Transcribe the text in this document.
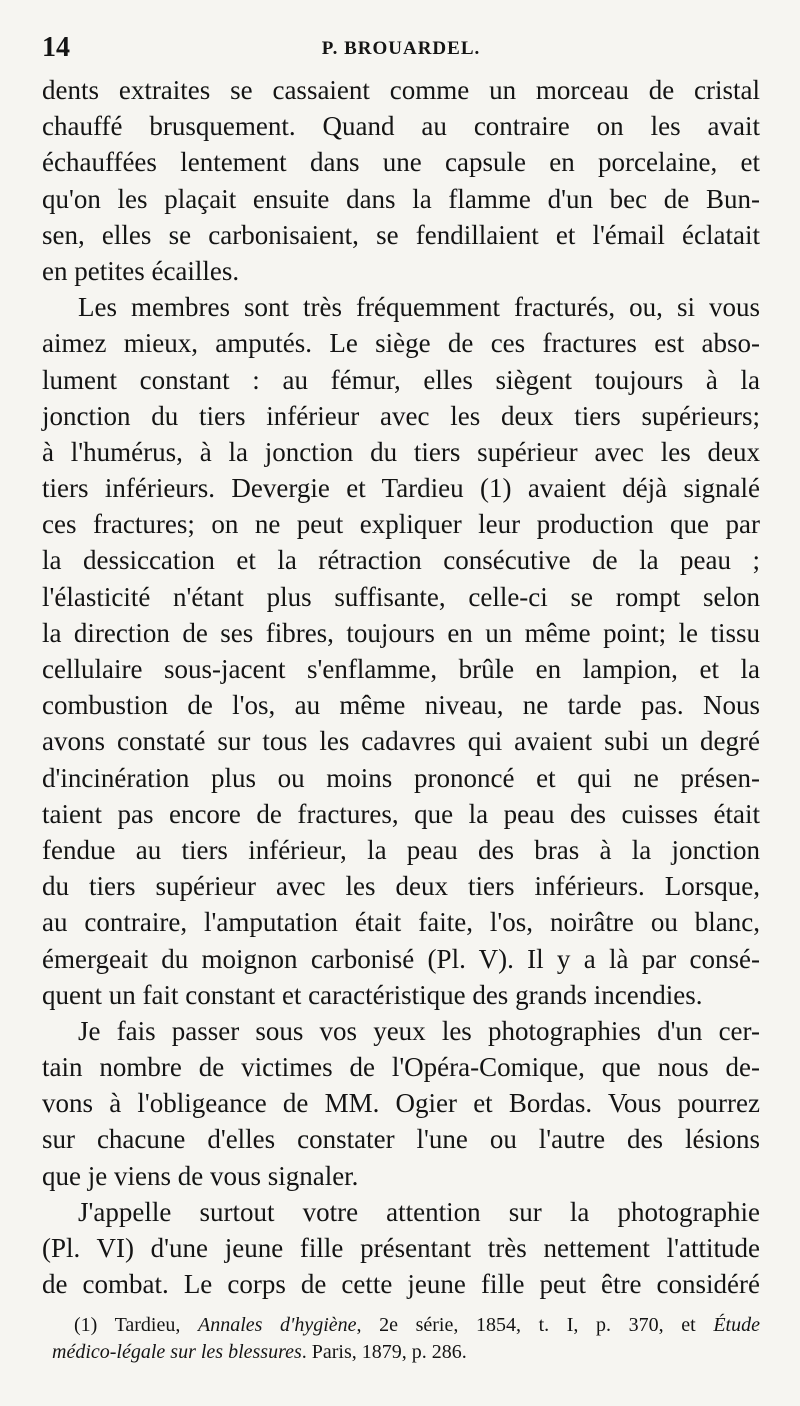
14	P. BROUARDEL.
dents extraites se cassaient comme un morceau de cristal
chauffé brusquement. Quand au contraire on les avait
échauffées lentement dans une capsule en porcelaine, et
qu'on les plaçait ensuite dans la flamme d'un bec de Bun-
sen, elles se carbonisaient, se fendillaient et l'émail éclatait
en petites écailles.
Les membres sont très fréquemment fracturés, ou, si vous
aimez mieux, amputés. Le siège de ces fractures est abso-
lument constant : au fémur, elles siègent toujours à la
jonction du tiers inférieur avec les deux tiers supérieurs;
à l'humérus, à la jonction du tiers supérieur avec les deux
tiers inférieurs. Devergie et Tardieu (1) avaient déjà signalé
ces fractures; on ne peut expliquer leur production que par
la dessiccation et la rétraction consécutive de la peau ;
l'élasticité n'étant plus suffisante, celle-ci se rompt selon
la direction de ses fibres, toujours en un même point; le tissu
cellulaire sous-jacent s'enflamme, brûle en lampion, et la
combustion de l'os, au même niveau, ne tarde pas. Nous
avons constaté sur tous les cadavres qui avaient subi un degré
d'incinération plus ou moins prononcé et qui ne présen-
taient pas encore de fractures, que la peau des cuisses était
fendue au tiers inférieur, la peau des bras à la jonction
du tiers supérieur avec les deux tiers inférieurs. Lorsque,
au contraire, l'amputation était faite, l'os, noirâtre ou blanc,
émergeait du moignon carbonisé (Pl. V). Il y a là par consé-
quent un fait constant et caractéristique des grands incendies.
Je fais passer sous vos yeux les photographies d'un cer-
tain nombre de victimes de l'Opéra-Comique, que nous de-
vons à l'obligeance de MM. Ogier et Bordas. Vous pourrez
sur chacune d'elles constater l'une ou l'autre des lésions
que je viens de vous signaler.
J'appelle surtout votre attention sur la photographie
(Pl. VI) d'une jeune fille présentant très nettement l'attitude
de combat. Le corps de cette jeune fille peut être considéré
(1) Tardieu, Annales d'hygiène, 2e série, 1854, t. I, p. 370, et Étude
médico-légale sur les blessures. Paris, 1879, p. 286.
